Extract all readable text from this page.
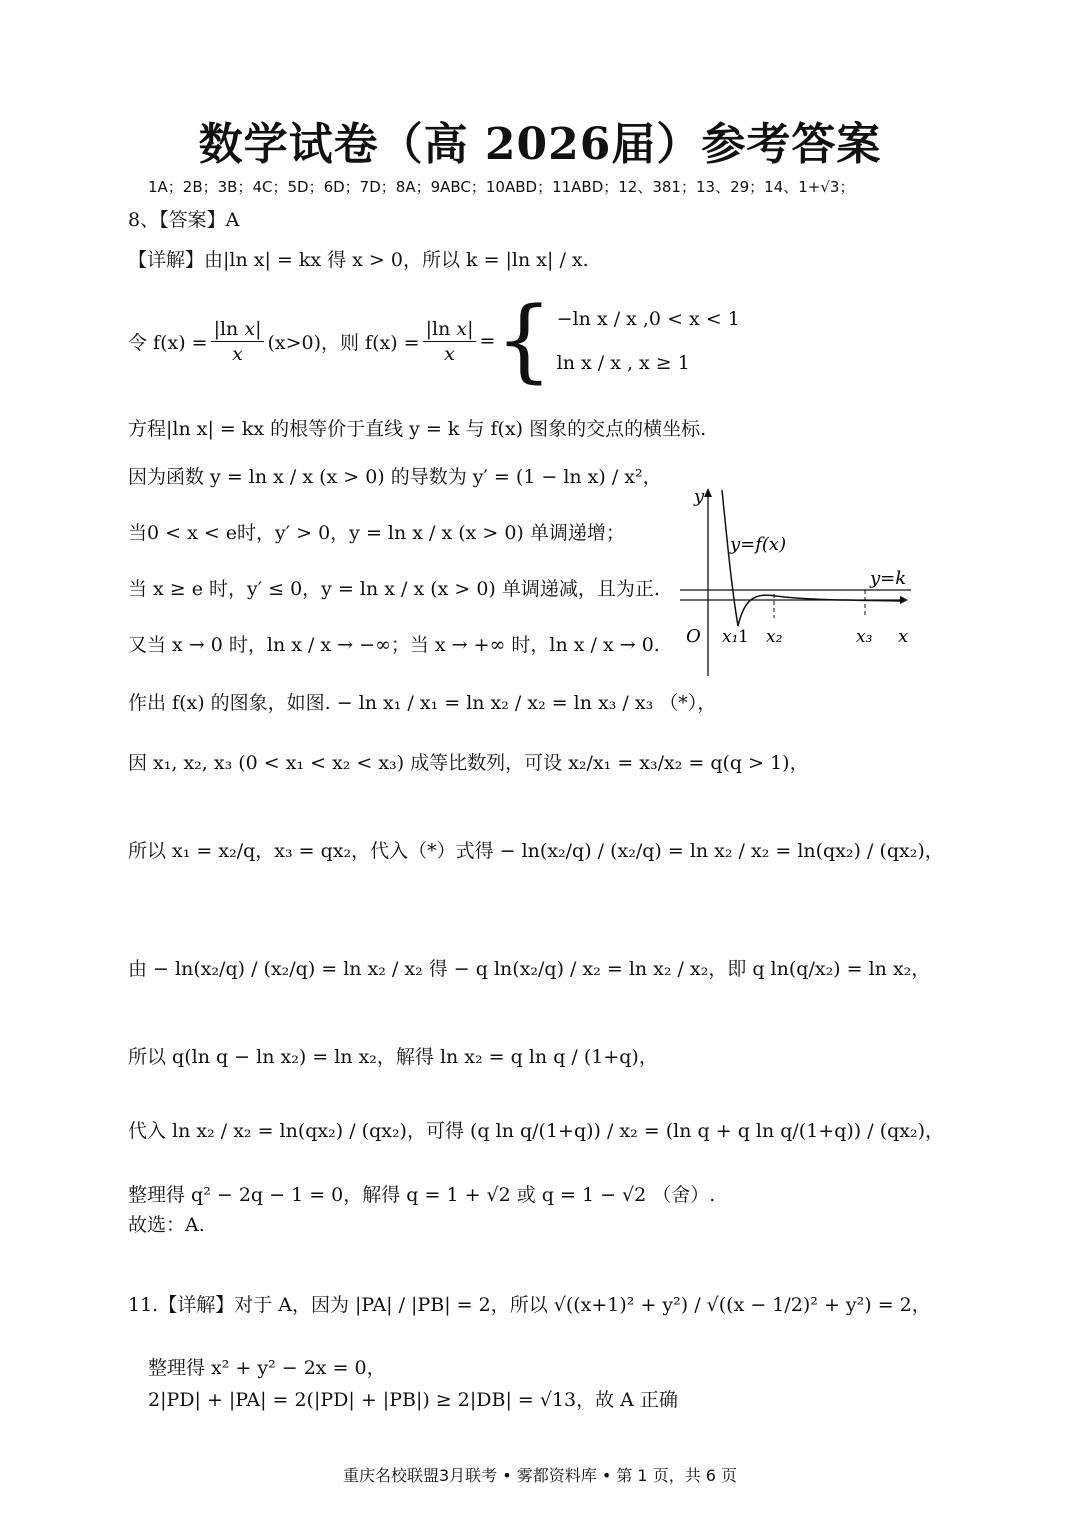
数学试卷（高 2026届）参考答案
1A；2B；3B；4C；5D；6D；7D；8A；9ABC；10ABD；11ABD；12、381；13、29；14、1+√3；
8、【答案】A
【详解】由|ln x| = kx 得 x > 0，所以 k = |ln x| / x.
令 $f(x) = \frac{\text{|ln x|}}{x} (x>0)$，则 $f(x) = \frac{\text{|ln x|}}{x}$ = { −ln x / x ,0 < x < 1
ln x / x , x ≥ 1
方程|ln x| = kx 的根等价于直线 y = k 与 f(x) 图象的交点的横坐标.
因为函数 y = ln x / x (x > 0) 的导数为 y′ = (1 − ln x) / x²，
当0 < x < e时，y′ > 0，y = ln x / x (x > 0) 单调递增；
当 x ≥ e 时，y′ ≤ 0，y = ln x / x (x > 0) 单调递减，且为正.
又当 x → 0 时，ln x / x → −∞；当 x → +∞ 时，ln x / x → 0.
作出 f(x) 的图象，如图. − ln x₁ / x₁ = ln x₂ / x₂ = ln x₃ / x₃ （*），
因 x₁, x₂, x₃ (0 < x₁ < x₂ < x₃) 成等比数列，可设 x₂/x₁ = x₃/x₂ = q(q > 1)，
所以 x₁ = x₂/q，x₃ = qx₂，代入（*）式得 − ln(x₂/q) / (x₂/q) = ln x₂ / x₂ = ln(qx₂) / (qx₂)，
由 − ln(x₂/q) / (x₂/q) = ln x₂ / x₂ 得 − q ln(x₂/q) / x₂ = ln x₂ / x₂，即 q ln(q/x₂) = ln x₂，
所以 q(ln q − ln x₂) = ln x₂，解得 ln x₂ = q ln q / (1+q)，
代入 ln x₂ / x₂ = ln(qx₂) / (qx₂)，可得 (q ln q/(1+q)) / x₂ = (ln q + q ln q/(1+q)) / (qx₂)，
整理得 q² − 2q − 1 = 0，解得 q = 1 + √2 或 q = 1 − √2 （舍）.
故选：A.
11.【详解】对于 A，因为 |PA| / |PB| = 2，所以 √((x+1)² + y²) / √((x − 1/2)² + y²) = 2，
整理得 x² + y² − 2x = 0，
2|PD| + |PA| = 2(|PD| + |PB|) ≥ 2|DB| = √13，故 A 正确
y
x
O
y=f(x)
y=k
x₁ 1 x₂	x₃
重庆名校联盟3月联考 • 雾都资料库 • 第 1 页，共 6 页
